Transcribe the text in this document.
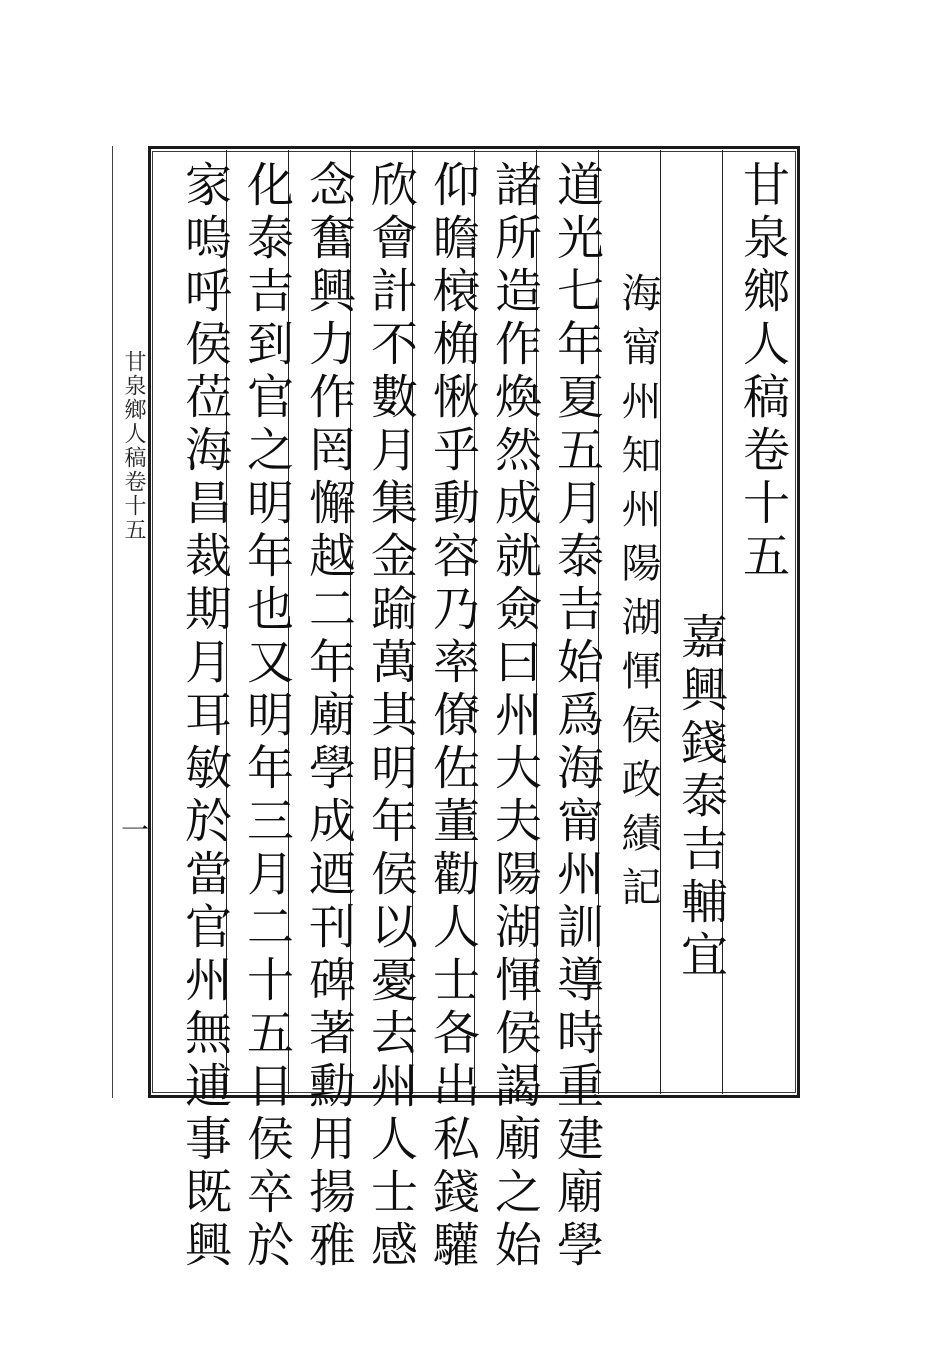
甘泉鄉人稿卷十五
嘉興錢泰吉輔宜
海甯州知州陽湖惲侯政績記
道光七年夏五月泰吉始爲海甯州訓導時重建廟學
諸所造作煥然成就僉曰州大夫陽湖惲侯謁廟之始
仰瞻榱桷愀乎動容乃率僚佐董勸人士各出私錢驩
欣會計不數月集金踰萬其明年侯以憂去州人士感
念奮興力作罔懈越二年廟學成迺刊碑著勳用揚雅
化泰吉到官之明年也又明年三月二十五日侯卒於
家嗚呼侯莅海昌裁期月耳敏於當官州無逋事既興
甘泉鄉人稿卷十五
一
